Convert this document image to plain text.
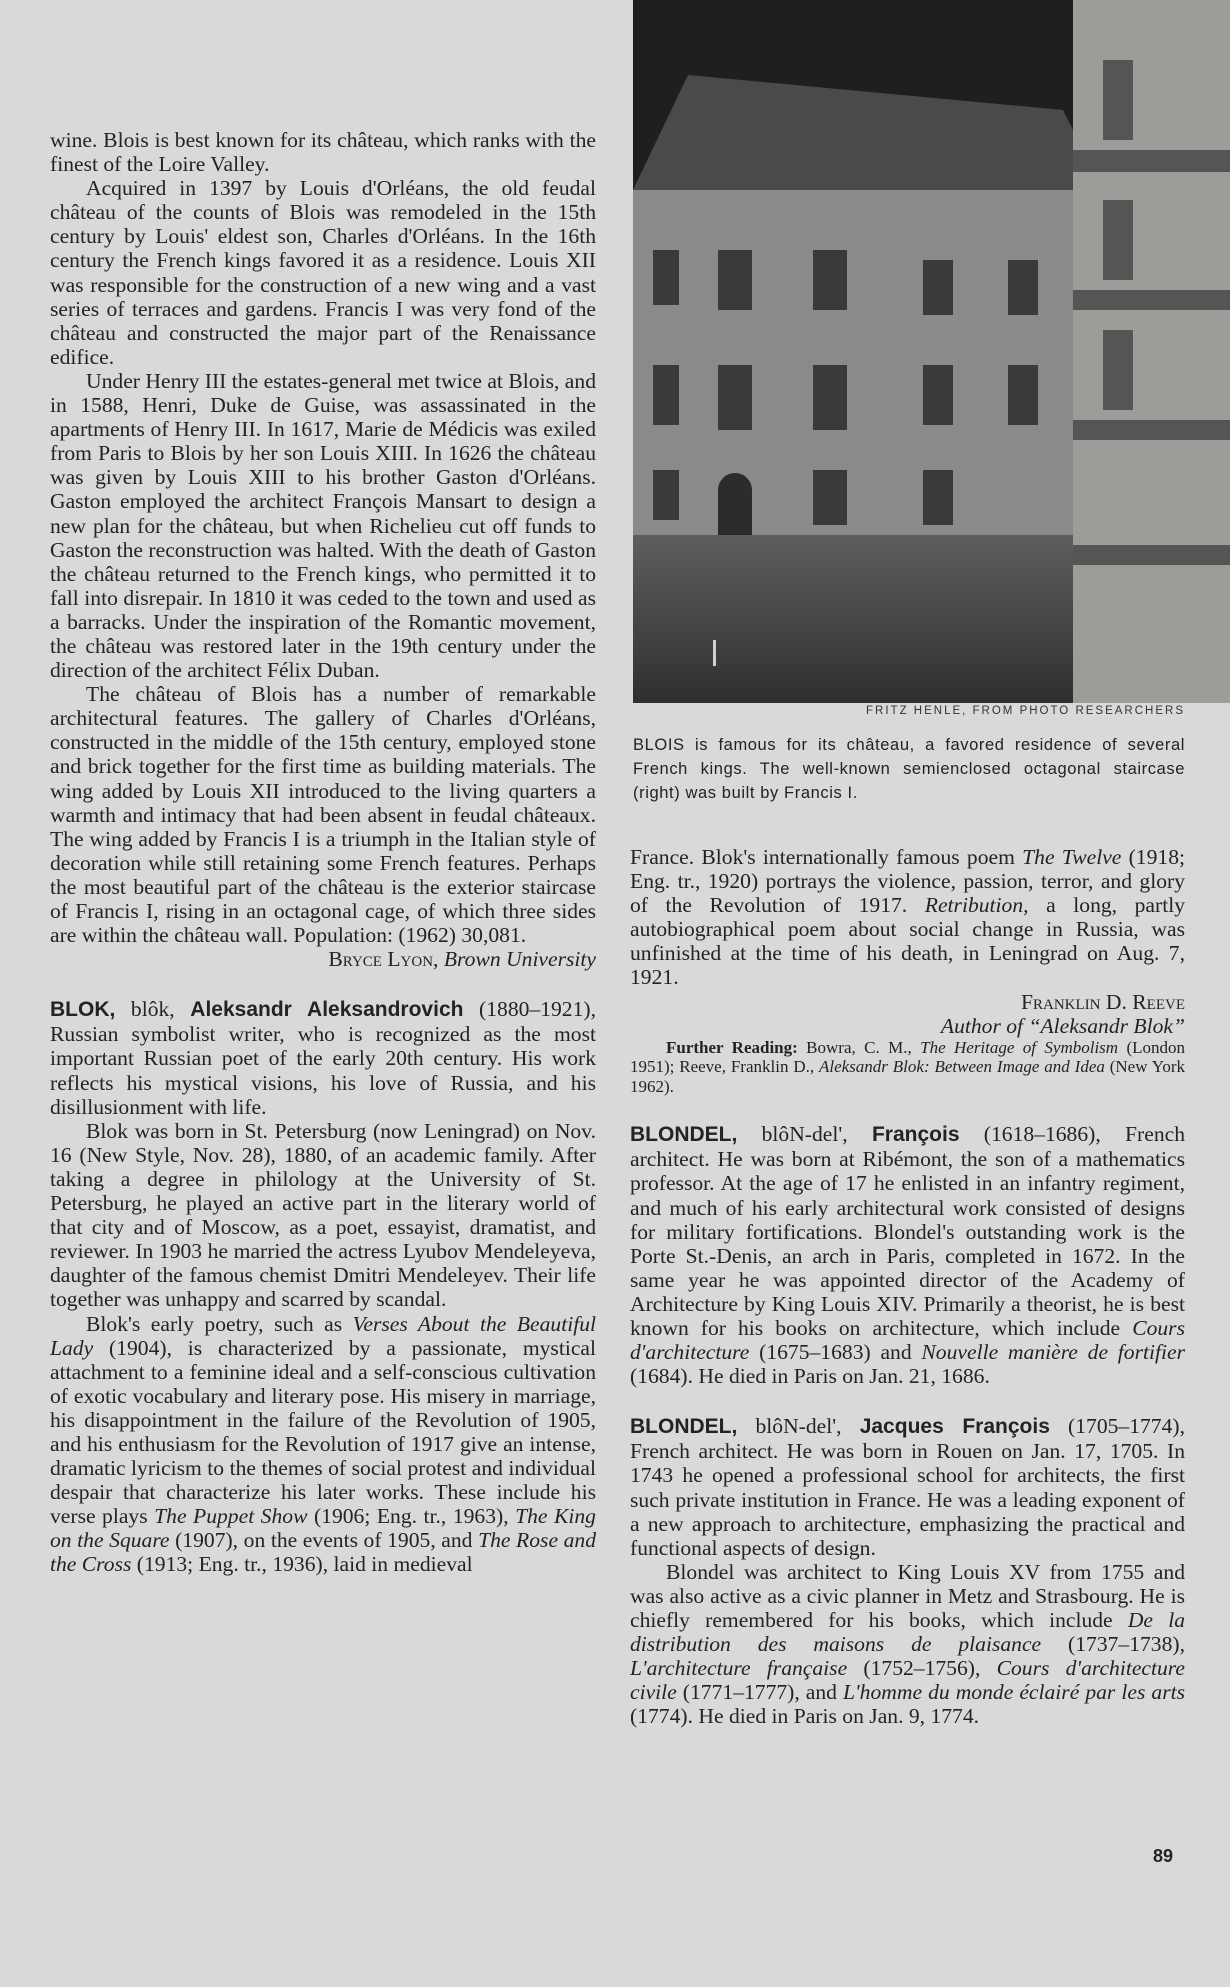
FRITZ HENLE, FROM PHOTO RESEARCHERS
BLOIS is famous for its château, a favored residence of several French kings. The well-known semienclosed octagonal staircase (right) was built by Francis I.

wine. Blois is best known for its château, which ranks with the finest of the Loire Valley.

Acquired in 1397 by Louis d'Orléans, the old feudal château of the counts of Blois was remodeled in the 15th century by Louis' eldest son, Charles d'Orléans. In the 16th century the French kings favored it as a residence. Louis XII was responsible for the construction of a new wing and a vast series of terraces and gardens. Francis I was very fond of the château and constructed the major part of the Renaissance edifice.

Under Henry III the estates-general met twice at Blois, and in 1588, Henri, Duke de Guise, was assassinated in the apartments of Henry III. In 1617, Marie de Médicis was exiled from Paris to Blois by her son Louis XIII. In 1626 the château was given by Louis XIII to his brother Gaston d'Orléans. Gaston employed the architect François Mansart to design a new plan for the château, but when Richelieu cut off funds to Gaston the reconstruction was halted. With the death of Gaston the château returned to the French kings, who permitted it to fall into disrepair. In 1810 it was ceded to the town and used as a barracks. Under the inspiration of the Romantic movement, the château was restored later in the 19th century under the direction of the architect Félix Duban.

The château of Blois has a number of remarkable architectural features. The gallery of Charles d'Orléans, constructed in the middle of the 15th century, employed stone and brick together for the first time as building materials. The wing added by Louis XII introduced to the living quarters a warmth and intimacy that had been absent in feudal châteaux. The wing added by Francis I is a triumph in the Italian style of decoration while still retaining some French features. Perhaps the most beautiful part of the château is the exterior staircase of Francis I, rising in an octagonal cage, of which three sides are within the château wall. Population: (1962) 30,081.

Bryce Lyon, Brown University

BLOK, blôk, Aleksandr Aleksandrovich (1880–1921), Russian symbolist writer, who is recognized as the most important Russian poet of the early 20th century. His work reflects his mystical visions, his love of Russia, and his disillusionment with life.

Blok was born in St. Petersburg (now Leningrad) on Nov. 16 (New Style, Nov. 28), 1880, of an academic family. After taking a degree in philology at the University of St. Petersburg, he played an active part in the literary world of that city and of Moscow, as a poet, essayist, dramatist, and reviewer. In 1903 he married the actress Lyubov Mendeleyeva, daughter of the famous chemist Dmitri Mendeleyev. Their life together was unhappy and scarred by scandal.

Blok's early poetry, such as Verses About the Beautiful Lady (1904), is characterized by a passionate, mystical attachment to a feminine ideal and a self-conscious cultivation of exotic vocabulary and literary pose. His misery in marriage, his disappointment in the failure of the Revolution of 1905, and his enthusiasm for the Revolution of 1917 give an intense, dramatic lyricism to the themes of social protest and individual despair that characterize his later works. These include his verse plays The Puppet Show (1906; Eng. tr., 1963), The King on the Square (1907), on the events of 1905, and The Rose and the Cross (1913; Eng. tr., 1936), laid in medieval

France. Blok's internationally famous poem The Twelve (1918; Eng. tr., 1920) portrays the violence, passion, terror, and glory of the Revolution of 1917. Retribution, a long, partly autobiographical poem about social change in Russia, was unfinished at the time of his death, in Leningrad on Aug. 7, 1921.

Franklin D. Reeve

Author of “Aleksandr Blok”

Further Reading: Bowra, C. M., The Heritage of Symbolism (London 1951); Reeve, Franklin D., Aleksandr Blok: Between Image and Idea (New York 1962).

BLONDEL, blôN-del', François (1618–1686), French architect. He was born at Ribémont, the son of a mathematics professor. At the age of 17 he enlisted in an infantry regiment, and much of his early architectural work consisted of designs for military fortifications. Blondel's outstanding work is the Porte St.-Denis, an arch in Paris, completed in 1672. In the same year he was appointed director of the Academy of Architecture by King Louis XIV. Primarily a theorist, he is best known for his books on architecture, which include Cours d'architecture (1675–1683) and Nouvelle manière de fortifier (1684). He died in Paris on Jan. 21, 1686.

BLONDEL, blôN-del', Jacques François (1705–1774), French architect. He was born in Rouen on Jan. 17, 1705. In 1743 he opened a professional school for architects, the first such private institution in France. He was a leading exponent of a new approach to architecture, emphasizing the practical and functional aspects of design.

Blondel was architect to King Louis XV from 1755 and was also active as a civic planner in Metz and Strasbourg. He is chiefly remembered for his books, which include De la distribution des maisons de plaisance (1737–1738), L'architecture française (1752–1756), Cours d'architecture civile (1771–1777), and L'homme du monde éclairé par les arts (1774). He died in Paris on Jan. 9, 1774.

89
